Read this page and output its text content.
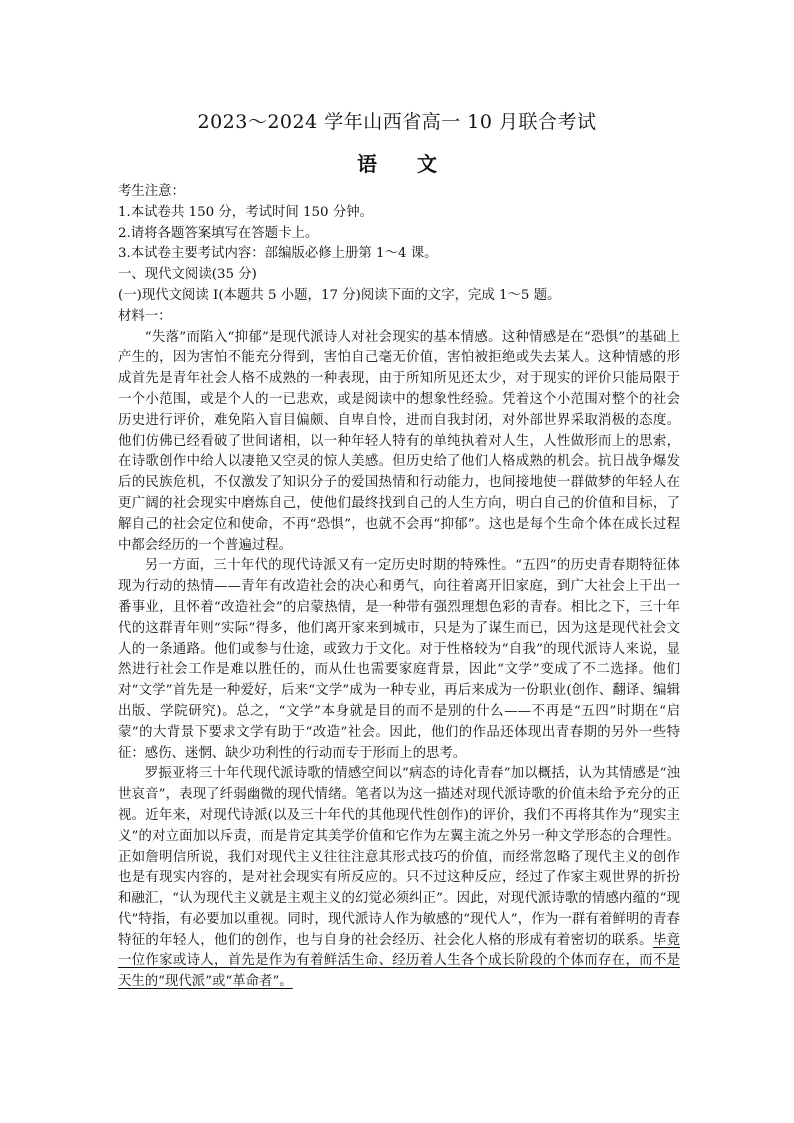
2023～2024 学年山西省高一 10 月联合考试
语文

考生注意：

1.本试卷共 150 分，考试时间 150 分钟。

2.请将各题答案填写在答题卡上。

3.本试卷主要考试内容：部编版必修上册第 1～4 课。

一、现代文阅读(35 分)

(一)现代文阅读 I(本题共 5 小题，17 分)阅读下面的文字，完成 1～5 题。

材料一：

“失落”而陷入“抑郁”是现代派诗人对社会现实的基本情感。这种情感是在“恐惧”的基础上产生的，因为害怕不能充分得到，害怕自己毫无价值，害怕被拒绝或失去某人。这种情感的形成首先是青年社会人格不成熟的一种表现，由于所知所见还太少，对于现实的评价只能局限于一个小范围，或是个人的一已悲欢，或是阅读中的想象性经验。凭着这个小范围对整个的社会历史进行评价，难免陷入盲目偏颇、自卑自怜，进而自我封闭，对外部世界采取消极的态度。他们仿佛已经看破了世间诸相，以一种年轻人特有的单纯执着对人生，人性做形而上的思索，在诗歌创作中给人以凄艳又空灵的惊人美感。但历史给了他们人格成熟的机会。抗日战争爆发后的民族危机，不仅激发了知识分子的爱国热情和行动能力，也间接地使一群做梦的年轻人在更广阔的社会现实中磨炼自己，使他们最终找到自己的人生方向，明白自己的价值和目标，了解自己的社会定位和使命，不再“恐惧”，也就不会再“抑郁”。这也是每个生命个体在成长过程中都会经历的一个普遍过程。

另一方面，三十年代的现代诗派又有一定历史时期的特殊性。“五四”的历史青春期特征体现为行动的热情——青年有改造社会的决心和勇气，向往着离开旧家庭，到广大社会上干出一番事业，且怀着“改造社会”的启蒙热情，是一种带有强烈理想色彩的青春。相比之下，三十年代的这群青年则“实际”得多，他们离开家来到城市，只是为了谋生而已，因为这是现代社会文人的一条通路。他们或参与仕途，或致力于文化。对于性格较为“自我”的现代派诗人来说，显然进行社会工作是难以胜任的，而从仕也需要家庭背景，因此“文学”变成了不二选择。他们对“文学”首先是一种爱好，后来“文学”成为一种专业，再后来成为一份职业(创作、翻译、编辑出版、学院研究)。总之，“文学”本身就是目的而不是别的什么——不再是“五四”时期在“启蒙”的大背景下要求文学有助于“改造”社会。因此，他们的作品还体现出青春期的另外一些特征：感伤、迷惘、缺少功利性的行动而专于形而上的思考。

罗振亚将三十年代现代派诗歌的情感空间以“病态的诗化青春”加以概括，认为其情感是“浊世哀音”，表现了纤弱幽微的现代情绪。笔者以为这一描述对现代派诗歌的价值未给予充分的正视。近年来，对现代诗派(以及三十年代的其他现代性创作)的评价，我们不再将其作为“现实主义”的对立面加以斥责，而是肯定其美学价值和它作为左翼主流之外另一种文学形态的合理性。正如詹明信所说，我们对现代主义往往注意其形式技巧的价值，而经常忽略了现代主义的创作也是有现实内容的，是对社会现实有所反应的。只不过这种反应，经过了作家主观世界的折扮和融汇，“认为现代主义就是主观主义的幻觉必须纠正”。因此，对现代派诗歌的情感内蕴的“现代”特指，有必要加以重视。同时，现代派诗人作为敏感的“现代人”，作为一群有着鲜明的青春特征的年轻人，他们的创作，也与自身的社会经历、社会化人格的形成有着密切的联系。毕竟一位作家或诗人，首先是作为有着鲜活生命、经历着人生各个成长阶段的个体而存在，而不是天生的“现代派”或“革命者”。
